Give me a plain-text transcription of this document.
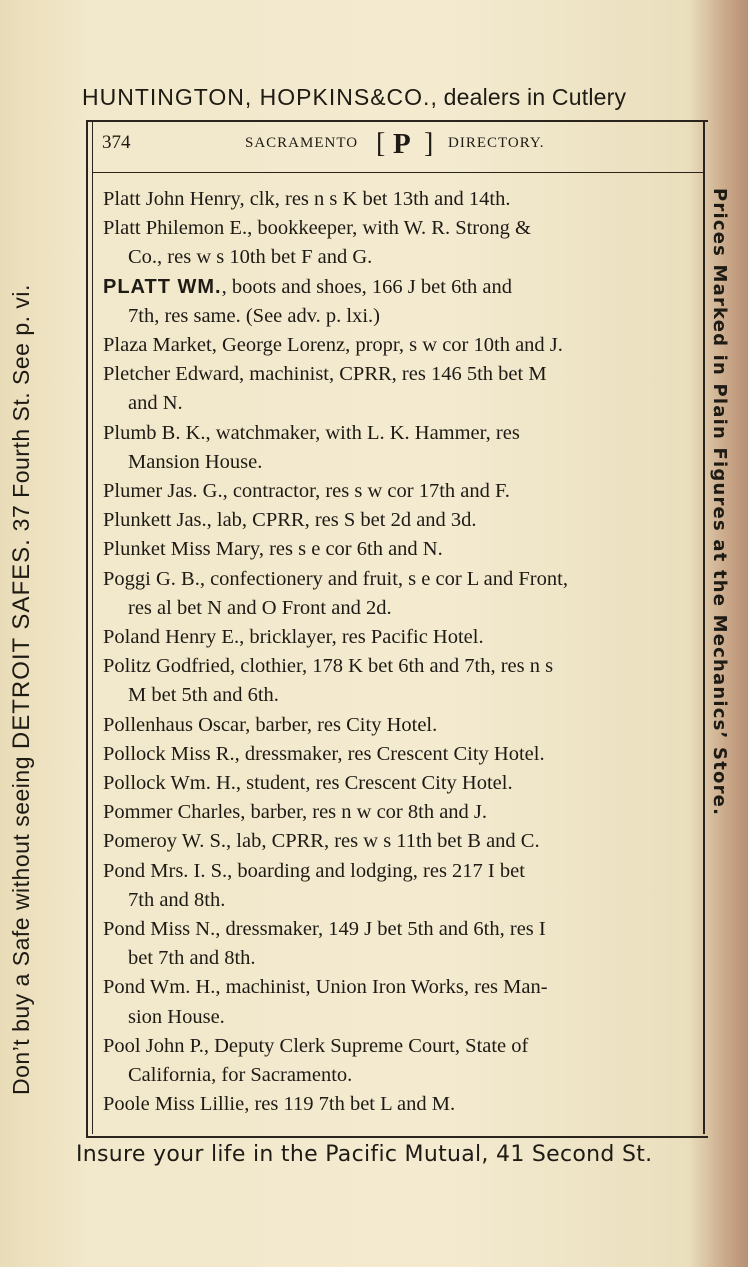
HUNTINGTON, HOPKINS&CO., dealers in Cutlery
374	SACRAMENTO [ P ] DIRECTORY.
Platt John Henry, clk, res n s K bet 13th and 14th.
Platt Philemon E., bookkeeper, with W. R. Strong &
Co., res w s 10th bet F and G.
PLATT WM., boots and shoes, 166 J bet 6th and
7th, res same. (See adv. p. lxi.)
Plaza Market, George Lorenz, propr, s w cor 10th and J.
Pletcher Edward, machinist, CPRR, res 146 5th bet M
and N.
Plumb B. K., watchmaker, with L. K. Hammer, res
Mansion House.
Plumer Jas. G., contractor, res s w cor 17th and F.
Plunkett Jas., lab, CPRR, res S bet 2d and 3d.
Plunket Miss Mary, res s e cor 6th and N.
Poggi G. B., confectionery and fruit, s e cor L and Front,
res al bet N and O Front and 2d.
Poland Henry E., bricklayer, res Pacific Hotel.
Politz Godfried, clothier, 178 K bet 6th and 7th, res n s
M bet 5th and 6th.
Pollenhaus Oscar, barber, res City Hotel.
Pollock Miss R., dressmaker, res Crescent City Hotel.
Pollock Wm. H., student, res Crescent City Hotel.
Pommer Charles, barber, res n w cor 8th and J.
Pomeroy W. S., lab, CPRR, res w s 11th bet B and C.
Pond Mrs. I. S., boarding and lodging, res 217 I bet
7th and 8th.
Pond Miss N., dressmaker, 149 J bet 5th and 6th, res I
bet 7th and 8th.
Pond Wm. H., machinist, Union Iron Works, res Man-
sion House.
Pool John P., Deputy Clerk Supreme Court, State of
California, for Sacramento.
Poole Miss Lillie, res 119 7th bet L and M.
Insure your life in the Pacific Mutual, 41 Second St.
Don’t buy a Safe without seeing DETROIT SAFES. 37 Fourth St. See p. vi.	Prices Marked in Plain Figures at the Mechanics’ Store.
